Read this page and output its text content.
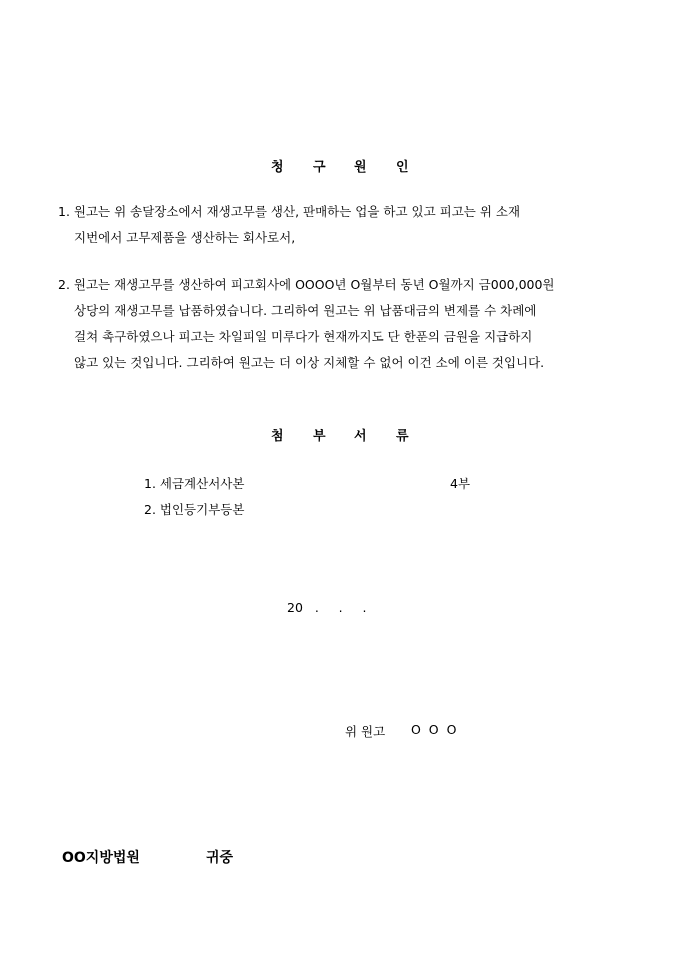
청 구 원 인
1. 원고는 위 송달장소에서 재생고무를 생산, 판매하는 업을 하고 있고 피고는 위 소재
지번에서 고무제품을 생산하는 회사로서,
2. 원고는 재생고무를 생산하여 피고회사에 OOOO년 O월부터 동년 O월까지 금000,000원
상당의 재생고무를 납품하였습니다. 그리하여 원고는 위 납품대금의 변제를 수 차례에
걸쳐 촉구하였으나 피고는 차일피일 미루다가 현재까지도 단 한푼의 금원을 지급하지
않고 있는 것입니다. 그리하여 원고는 더 이상 지체할 수 없어 이건 소에 이른 것입니다.
첨 부 서 류
1. 세금계산서사본	4부
2. 법인등기부등본
20   .     .     .
위 원고 O  O  O
OO지방법원	귀중
